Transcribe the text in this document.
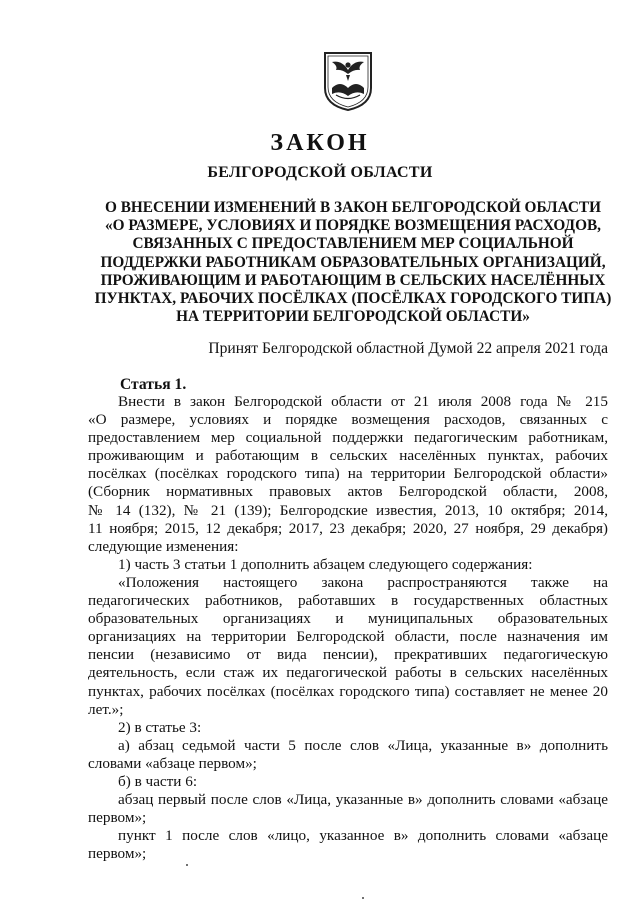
ЗАКОН
БЕЛГОРОДСКОЙ ОБЛАСТИ
О ВНЕСЕНИИ ИЗМЕНЕНИЙ В ЗАКОН БЕЛГОРОДСКОЙ ОБЛАСТИ
«О РАЗМЕРЕ, УСЛОВИЯХ И ПОРЯДКЕ ВОЗМЕЩЕНИЯ РАСХОДОВ,
СВЯЗАННЫХ С ПРЕДОСТАВЛЕНИЕМ МЕР СОЦИАЛЬНОЙ
ПОДДЕРЖКИ РАБОТНИКАМ ОБРАЗОВАТЕЛЬНЫХ ОРГАНИЗАЦИЙ,
ПРОЖИВАЮЩИМ И РАБОТАЮЩИМ В СЕЛЬСКИХ НАСЕЛЁННЫХ
ПУНКТАХ, РАБОЧИХ ПОСЁЛКАХ (ПОСЁЛКАХ ГОРОДСКОГО ТИПА)
НА ТЕРРИТОРИИ БЕЛГОРОДСКОЙ ОБЛАСТИ»
Принят Белгородской областной Думой 22 апреля 2021 года
Статья 1.
Внести в закон Белгородской области от 21 июля 2008 года № 215
«О размере, условиях и порядке возмещения расходов, связанных с
предоставлением мер социальной поддержки педагогическим работникам,
проживающим и работающим в сельских населённых пунктах, рабочих
посёлках (посёлках городского типа) на территории Белгородской области»
(Сборник нормативных правовых актов Белгородской области, 2008,
№ 14 (132), № 21 (139); Белгородские известия, 2013, 10 октября; 2014,
11 ноября; 2015, 12 декабря; 2017, 23 декабря; 2020, 27 ноября, 29 декабря)
следующие изменения:
1) часть 3 статьи 1 дополнить абзацем следующего содержания:
«Положения настоящего закона распространяются также на
педагогических работников, работавших в государственных областных
образовательных организациях и муниципальных образовательных
организациях на территории Белгородской области, после назначения им
пенсии (независимо от вида пенсии), прекративших педагогическую
деятельность, если стаж их педагогической работы в сельских населённых
пунктах, рабочих посёлках (посёлках городского типа) составляет не менее 20
лет.»;
2) в статье 3:
а) абзац седьмой части 5 после слов «Лица, указанные в» дополнить
словами «абзаце первом»;
б) в части 6:
абзац первый после слов «Лица, указанные в» дополнить словами «абзаце
первом»;
пункт 1 после слов «лицо, указанное в» дополнить словами «абзаце
первом»;
